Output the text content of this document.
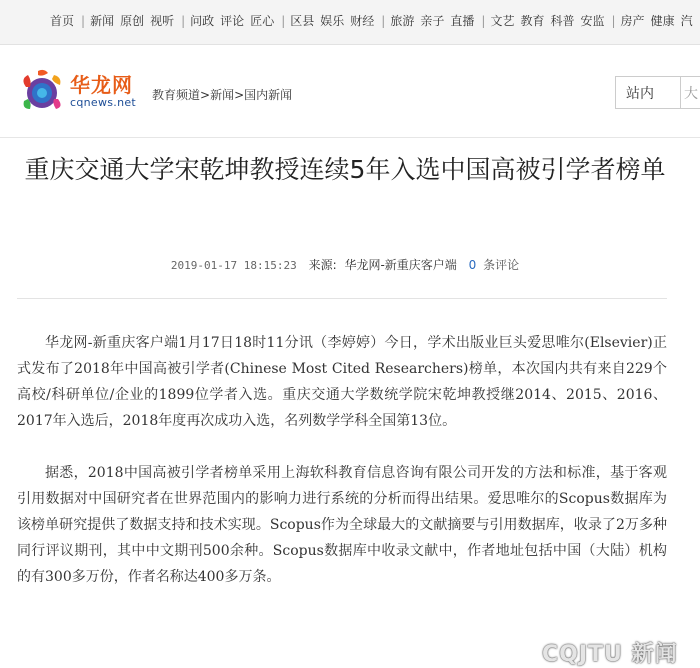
首页 | 新闻 原创 视听 | 问政 评论 匠心 | 区县 娱乐 财经 | 旅游 亲子 直播 | 文艺 教育 科普 安监 | 房产 健康 汽
华龙网
cqnews.net
教育频道>新闻>国内新闻	站内 大
重庆交通大学宋乾坤教授连续5年入选中国高被引学者榜单
2019-01-17 18:15:23 来源: 华龙网-新重庆客户端 0 条评论

华龙网-新重庆客户端1月17日18时11分讯（李婷婷）今日，学术出版业巨头爱思唯尔(Elsevier)正式发布了2018年中国高被引学者(Chinese Most Cited Researchers)榜单，本次国内共有来自229个高校/科研单位/企业的1899位学者入选。重庆交通大学数统学院宋乾坤教授继2014、2015、2016、2017年入选后，2018年度再次成功入选，名列数学学科全国第13位。

据悉，2018中国高被引学者榜单采用上海软科教育信息咨询有限公司开发的方法和标准，基于客观引用数据对中国研究者在世界范围内的影响力进行系统的分析而得出结果。爱思唯尔的Scopus数据库为该榜单研究提供了数据支持和技术实现。Scopus作为全球最大的文献摘要与引用数据库，收录了2万多种同行评议期刊，其中中文期刊500余种。Scopus数据库中收录文献中，作者地址包括中国（大陆）机构的有300多万份，作者名称达400多万条。

CQJTU 新闻
